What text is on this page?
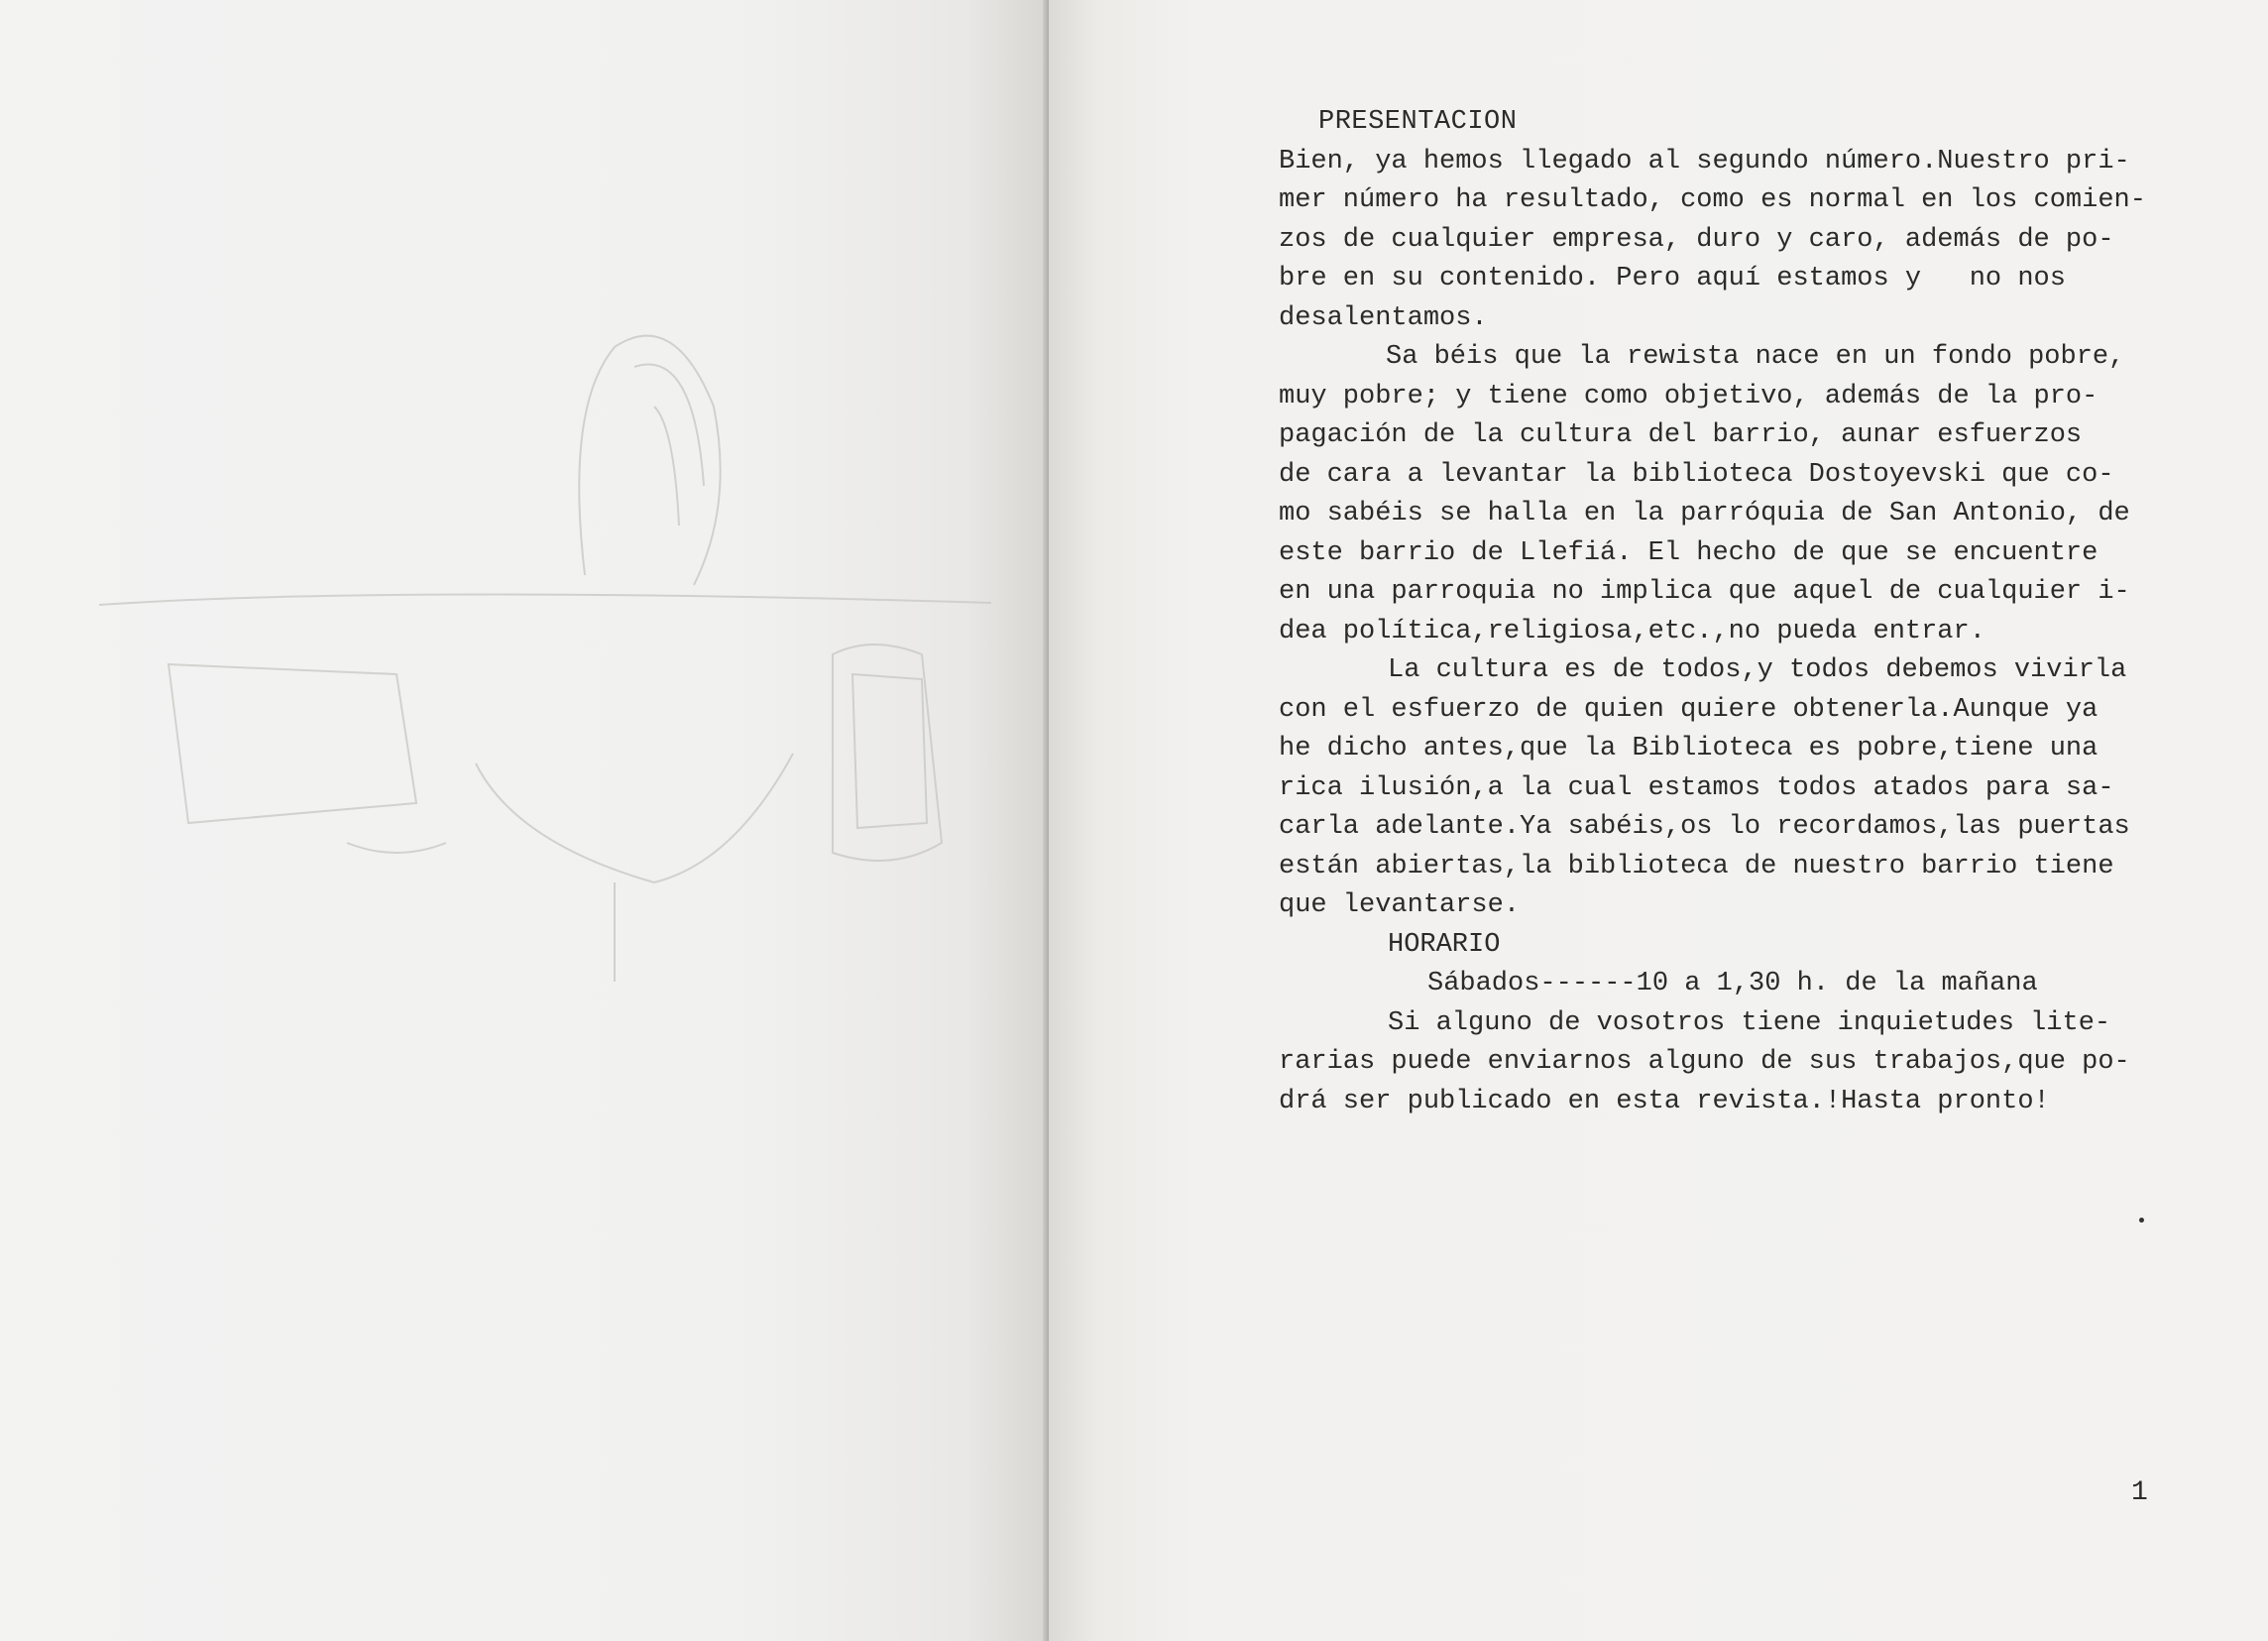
PRESENTACION
Bien, ya hemos llegado al segundo número.Nuestro pri-
mer número ha resultado, como es normal en los comien-
zos de cualquier empresa, duro y caro, además de po-
bre en su contenido. Pero aquí estamos y   no nos
desalentamos.
Sa béis que la rewista nace en un fondo pobre,
muy pobre; y tiene como objetivo, además de la pro-
pagación de la cultura del barrio, aunar esfuerzos
de cara a levantar la biblioteca Dostoyevski que co-
mo sabéis se halla en la parróquia de San Antonio, de
este barrio de Llefiá. El hecho de que se encuentre
en una parroquia no implica que aquel de cualquier i-
dea política,religiosa,etc.,no pueda entrar.
La cultura es de todos,y todos debemos vivirla
con el esfuerzo de quien quiere obtenerla.Aunque ya
he dicho antes,que la Biblioteca es pobre,tiene una
rica ilusión,a la cual estamos todos atados para sa-
carla adelante.Ya sabéis,os lo recordamos,las puertas
están abiertas,la biblioteca de nuestro barrio tiene
que levantarse.
HORARIO
Sábados------10 a 1,30 h. de la mañana
Si alguno de vosotros tiene inquietudes lite-
rarias puede enviarnos alguno de sus trabajos,que po-
drá ser publicado en esta revista.!Hasta pronto!
1
